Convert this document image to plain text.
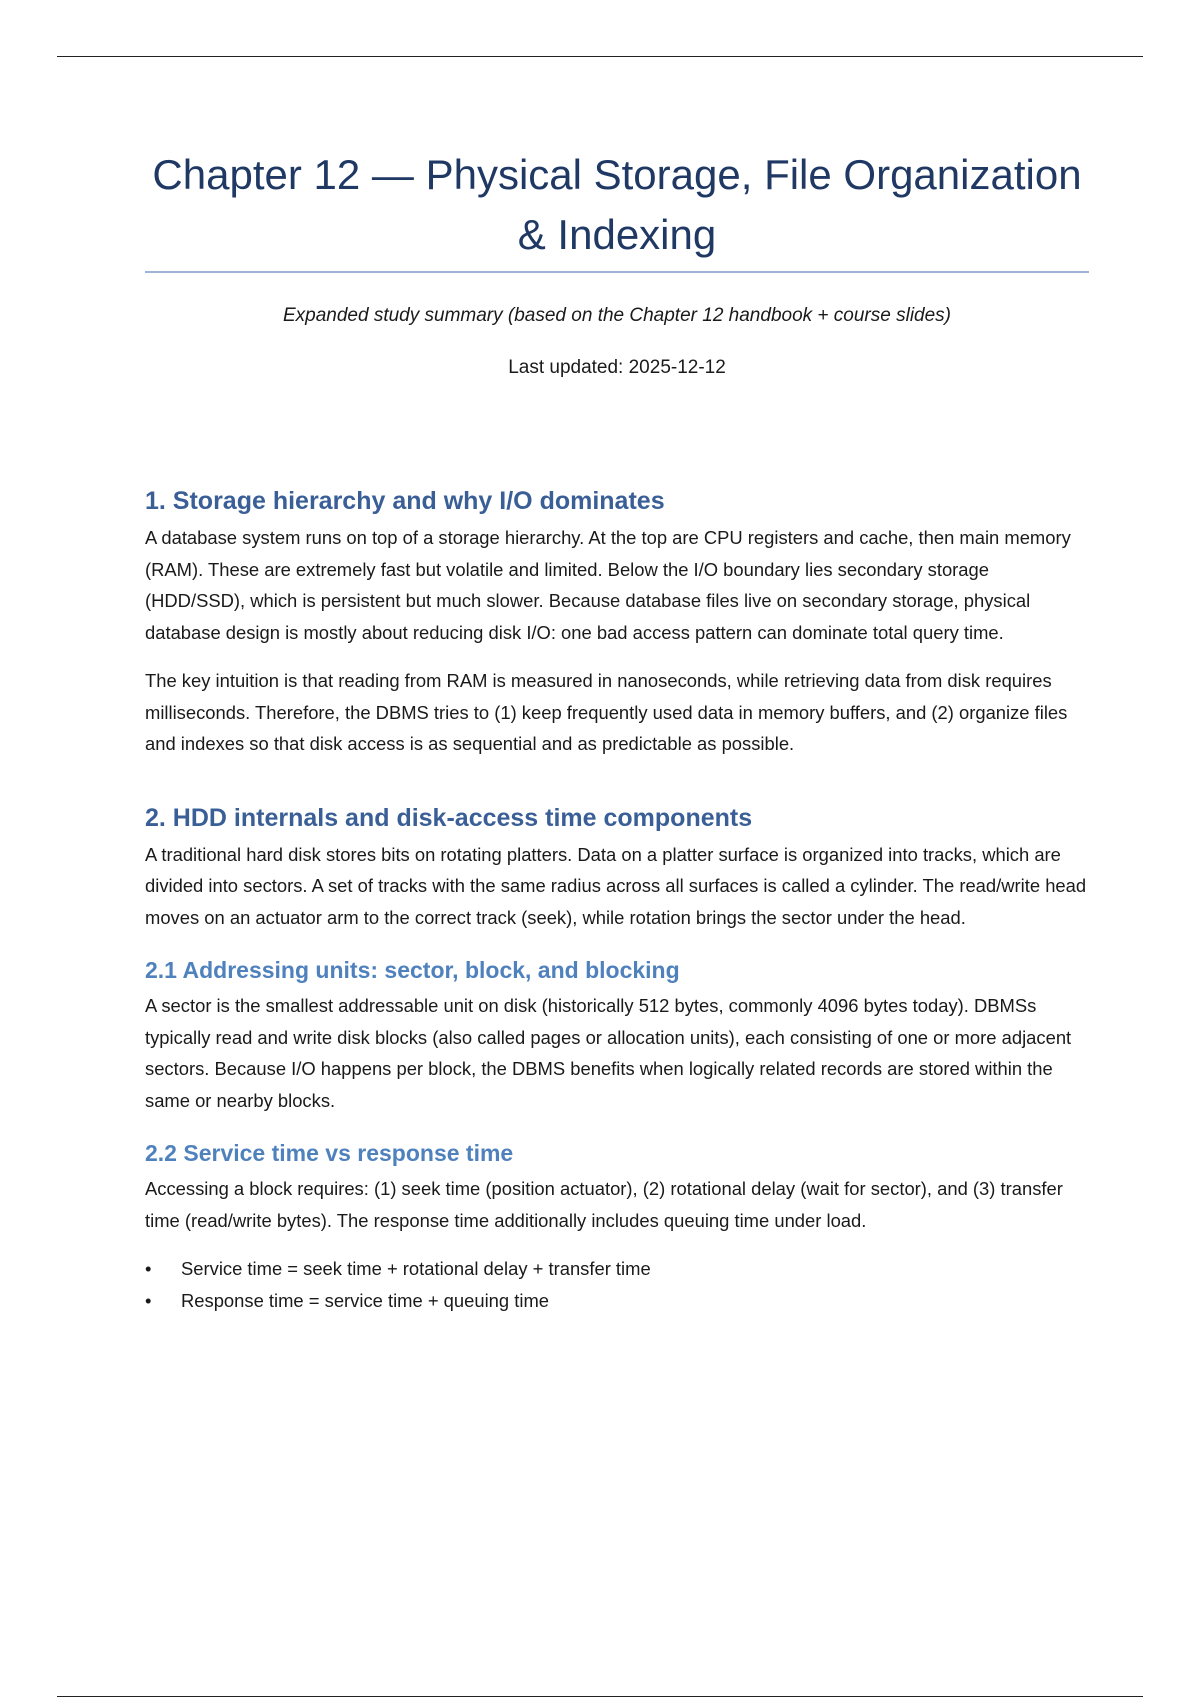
Chapter 12 — Physical Storage, File Organization & Indexing

Expanded study summary (based on the Chapter 12 handbook + course slides)

Last updated: 2025-12-12

1. Storage hierarchy and why I/O dominates

A database system runs on top of a storage hierarchy. At the top are CPU registers and cache, then main memory (RAM). These are extremely fast but volatile and limited. Below the I/O boundary lies secondary storage (HDD/SSD), which is persistent but much slower. Because database files live on secondary storage, physical database design is mostly about reducing disk I/O: one bad access pattern can dominate total query time.

The key intuition is that reading from RAM is measured in nanoseconds, while retrieving data from disk requires milliseconds. Therefore, the DBMS tries to (1) keep frequently used data in memory buffers, and (2) organize files and indexes so that disk access is as sequential and as predictable as possible.

2. HDD internals and disk-access time components

A traditional hard disk stores bits on rotating platters. Data on a platter surface is organized into tracks, which are divided into sectors. A set of tracks with the same radius across all surfaces is called a cylinder. The read/write head moves on an actuator arm to the correct track (seek), while rotation brings the sector under the head.

2.1 Addressing units: sector, block, and blocking

A sector is the smallest addressable unit on disk (historically 512 bytes, commonly 4096 bytes today). DBMSs typically read and write disk blocks (also called pages or allocation units), each consisting of one or more adjacent sectors. Because I/O happens per block, the DBMS benefits when logically related records are stored within the same or nearby blocks.

2.2 Service time vs response time

Accessing a block requires: (1) seek time (position actuator), (2) rotational delay (wait for sector), and (3) transfer time (read/write bytes). The response time additionally includes queuing time under load.

• Service time = seek time + rotational delay + transfer time
• Response time = service time + queuing time
